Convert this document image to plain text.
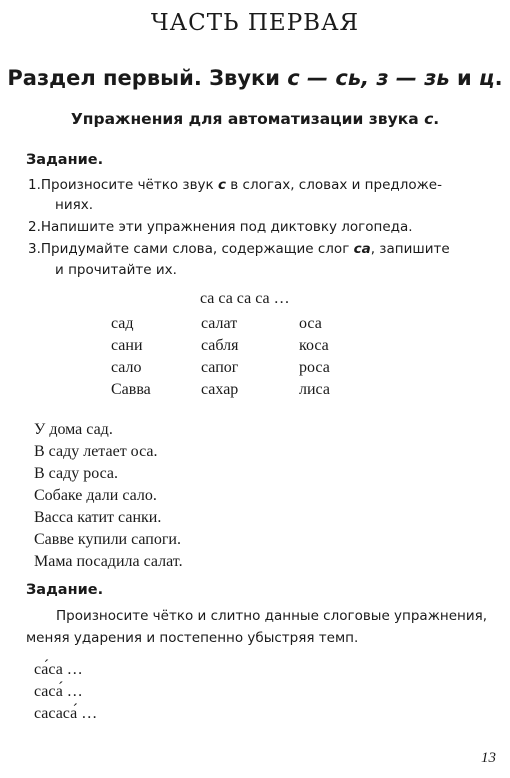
ЧАСТЬ ПЕРВАЯ
Раздел первый. Звуки с — сь, з — зь и ц.
Упражнения для автоматизации звука с.
Задание.
1.Произносите чётко звук с в слогах, словах и предложе-
ниях.
2.Напишите эти упражнения под диктовку логопеда.
3.Придумайте сами слова, содержащие слог са, запишите
и прочитайте их.
са са са са …
сад
сани
сало
Савва
салат
сабля
сапог
сахар
оса
коса
роса
лиса
У дома сад.
В саду летает оса.
В саду роса.
Собаке дали сало.
Васса катит санки.
Савве купили сапоги.
Мама посадила салат.
Задание.
Произносите чётко и слитно данные слоговые упражнения,
меняя ударения и постепенно убыстряя темп.
са́са …
саса́ …
сасаса́ …
13
